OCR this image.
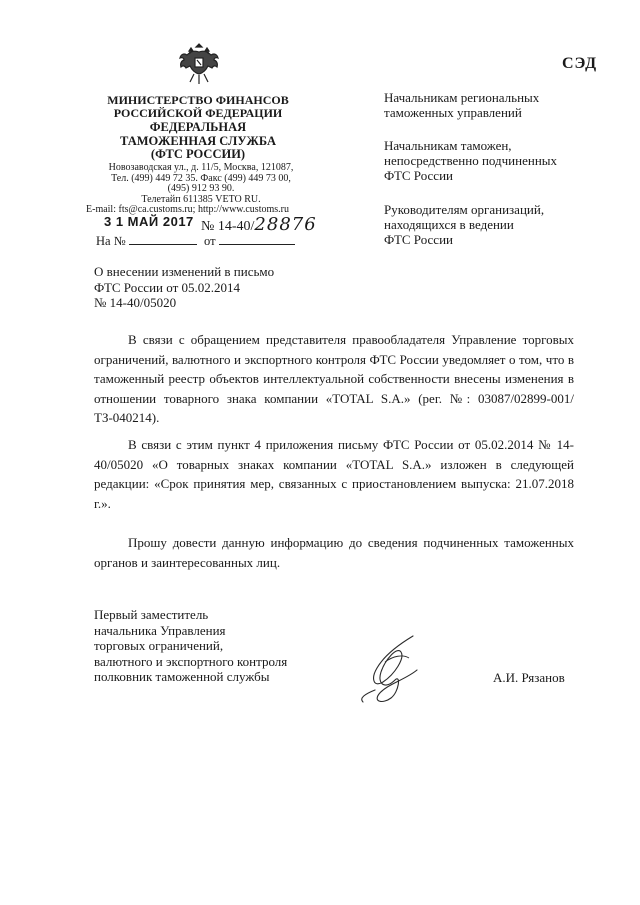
СЭД
МИНИСТЕРСТВО ФИНАНСОВ
РОССИЙСКОЙ ФЕДЕРАЦИИ
ФЕДЕРАЛЬНАЯ
ТАМОЖЕННАЯ СЛУЖБА
(ФТС РОССИИ)
Новозаводская ул., д. 11/5, Москва, 121087,
Тел. (499) 449 72 35. Факс (499) 449 73 00,
(495) 912 93 90.
Телетайп 611385 VETO RU.
E-mail: fts@ca.customs.ru; http://www.customs.ru
3 1 МАЙ 2017 № 14-40/28876
На №	от
Начальникам региональных
таможенных управлений
Начальникам таможен,
непосредственно подчиненных
ФТС России
Руководителям организаций,
находящихся в ведении
ФТС России
О внесении изменений в письмо
ФТС России от 05.02.2014
№ 14-40/05020

В связи с обращением представителя правообладателя Управление торговых ограничений, валютного и экспортного контроля ФТС России уведомляет о том, что в таможенный реестр объектов интеллектуальной собственности внесены изменения в отношении товарного знака компании «TOTAL S.A.» (рег. №: 03087/02899-001/ТЗ-040214).

В связи с этим пункт 4 приложения письму ФТС России от 05.02.2014 № 14-40/05020 «О товарных знаках компании «TOTAL S.A.» изложен в следующей редакции: «Срок принятия мер, связанных с приостановлением выпуска: 21.07.2018 г.».

Прошу довести данную информацию до сведения подчиненных таможенных органов и заинтересованных лиц.

Первый заместитель
начальника Управления
торговых ограничений,
валютного и экспортного контроля
полковник таможенной службы	А.И. Рязанов
